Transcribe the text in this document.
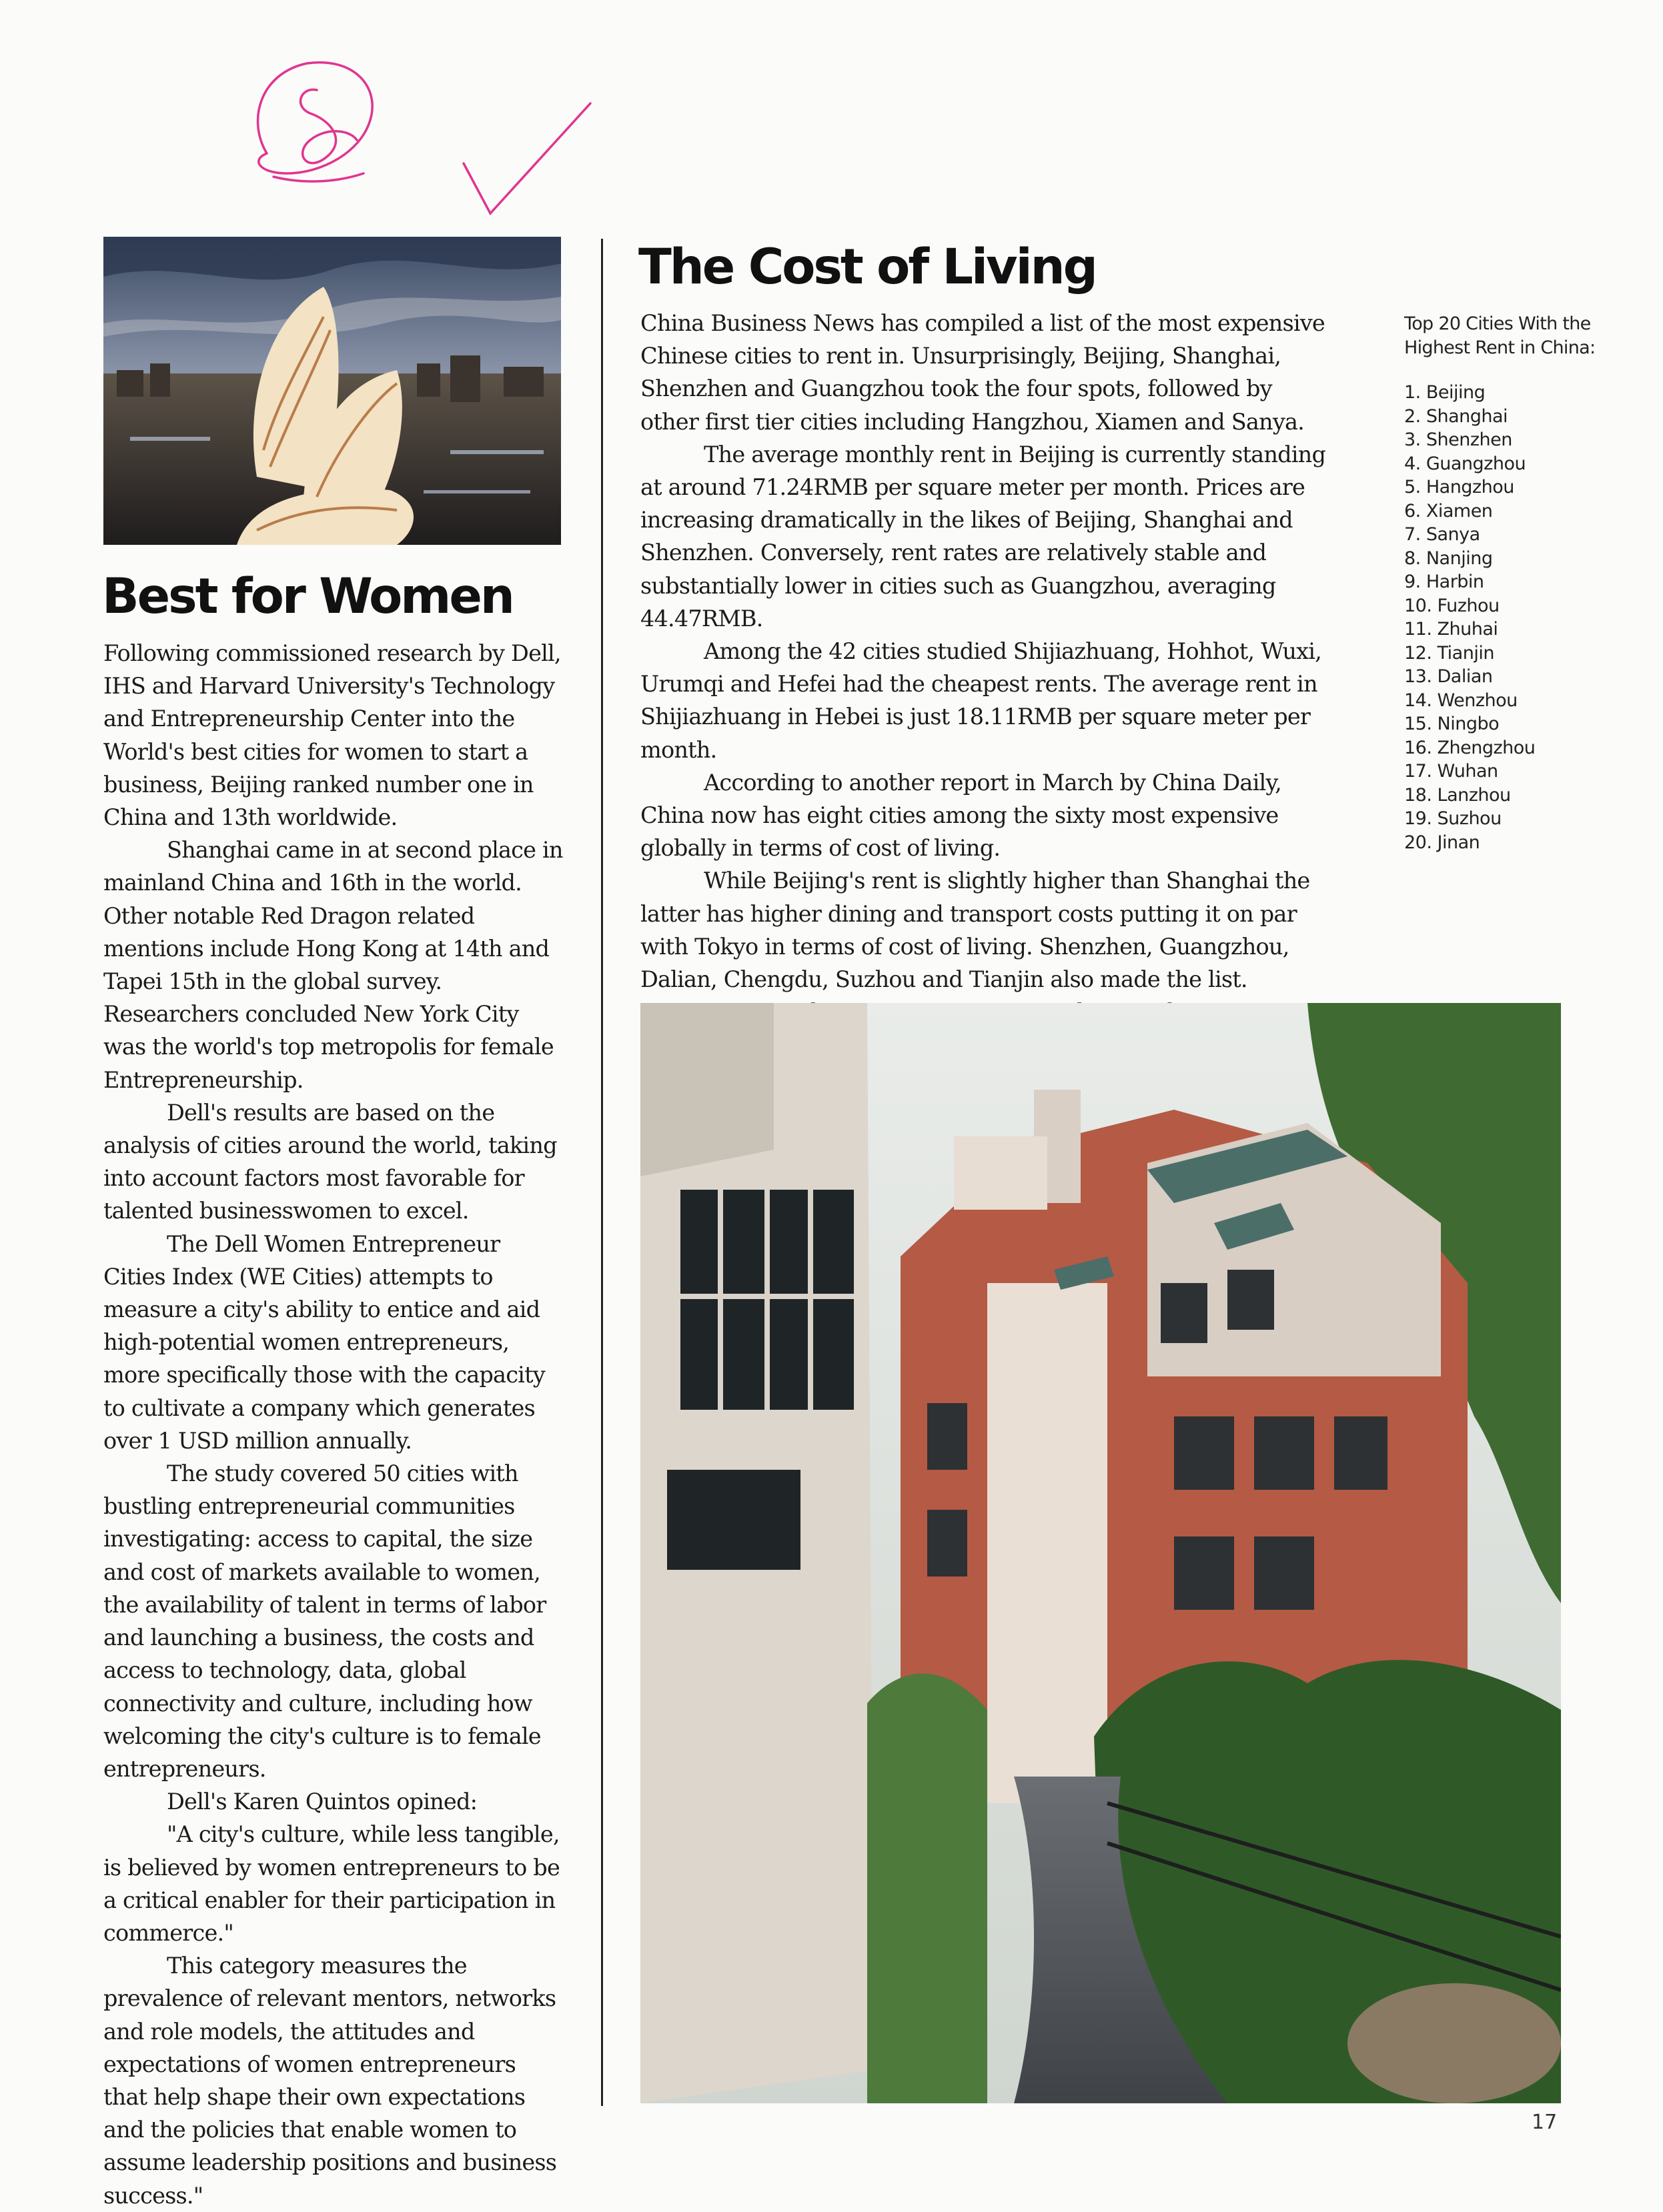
Best for Women

Following commissioned research by Dell, IHS and Harvard University's Technology and Entrepreneurship Center into the World's best cities for women to start a business, Beijing ranked number one in China and 13th worldwide.

Shanghai came in at second place in mainland China and 16th in the world. Other notable Red Dragon related mentions include Hong Kong at 14th and Tapei 15th in the global survey. Researchers concluded New York City was the world's top metropolis for female Entrepreneurship.

Dell's results are based on the analysis of cities around the world, taking into account factors most favorable for talented businesswomen to excel.

The Dell Women Entrepreneur Cities Index (WE Cities) attempts to measure a city's ability to entice and aid high-potential women entrepreneurs, more specifically those with the capacity to cultivate a company which generates over 1 USD million annually.

The study covered 50 cities with bustling entrepreneurial communities investigating: access to capital, the size and cost of markets available to women, the availability of talent in terms of labor and launching a business, the costs and access to technology, data, global connectivity and culture, including how welcoming the city's culture is to female entrepreneurs.

Dell's Karen Quintos opined:

"A city's culture, while less tangible, is believed by women entrepreneurs to be a critical enabler for their participation in commerce."

This category measures the prevalence of relevant mentors, networks and role models, the attitudes and expectations of women entrepreneurs that help shape their own expectations and the policies that enable women to assume leadership positions and business success."

The Cost of Living

China Business News has compiled a list of the most expensive Chinese cities to rent in. Unsurprisingly, Beijing, Shanghai, Shenzhen and Guangzhou took the four spots, followed by other first tier cities including Hangzhou, Xiamen and Sanya.

The average monthly rent in Beijing is currently standing at around 71.24RMB per square meter per month. Prices are increasing dramatically in the likes of Beijing, Shanghai and Shenzhen. Conversely, rent rates are relatively stable and substantially lower in cities such as Guangzhou, averaging 44.47RMB.

Among the 42 cities studied Shijiazhuang, Hohhot, Wuxi, Urumqi and Hefei had the cheapest rents. The average rent in Shijiazhuang in Hebei is just 18.11RMB per square meter per month.

According to another report in March by China Daily, China now has eight cities among the sixty most expensive globally in terms of cost of living.

While Beijing's rent is slightly higher than Shanghai the latter has higher dining and transport costs putting it on par with Tokyo in terms of cost of living. Shenzhen, Guangzhou, Dalian, Chengdu, Suzhou and Tianjin also made the list.

Top 20 Cities With the Highest Rent in China:

1. Beijing
2. Shanghai
3. Shenzhen
4. Guangzhou
5. Hangzhou
6. Xiamen
7. Sanya
8. Nanjing
9. Harbin
10. Fuzhou
11. Zhuhai
12. Tianjin
13. Dalian
14. Wenzhou
15. Ningbo
16. Zhengzhou
17. Wuhan
18. Lanzhou
19. Suzhou
20. Jinan
17
